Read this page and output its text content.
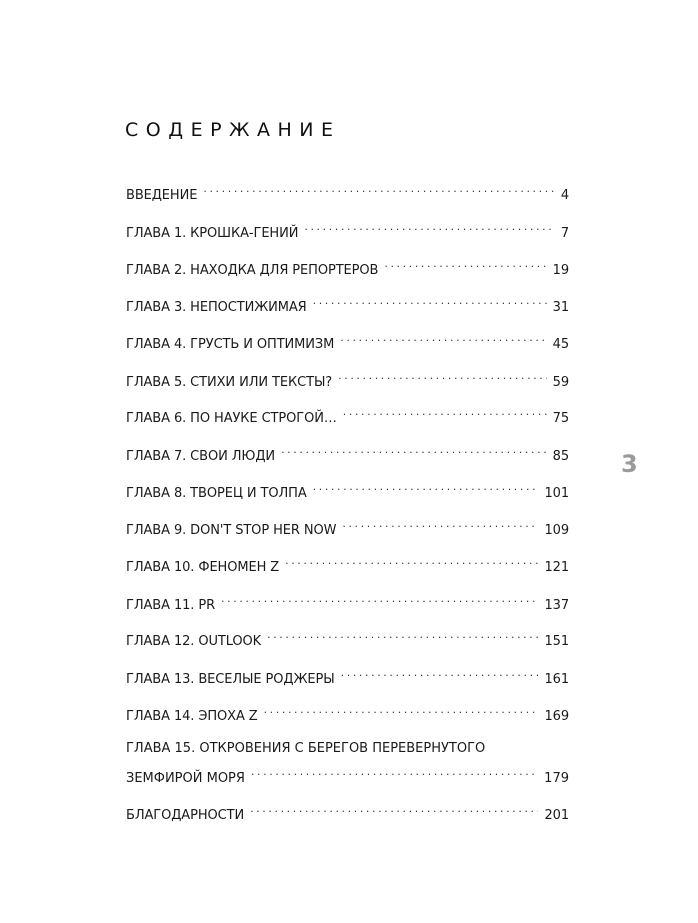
СОДЕРЖАНИЕ
ВВЕДЕНИЕ .....	4
ГЛАВА 1. КРОШКА-ГЕНИЙ .....	7
ГЛАВА 2. НАХОДКА ДЛЯ РЕПОРТЕРОВ .....	19
ГЛАВА 3. НЕПОСТИЖИМАЯ .....	31
ГЛАВА 4. ГРУСТЬ И ОПТИМИЗМ .....	45
ГЛАВА 5. СТИХИ ИЛИ ТЕКСТЫ? .....	59
ГЛАВА 6. ПО НАУКЕ СТРОГОЙ… .....	75
ГЛАВА 7. СВОИ ЛЮДИ .....	85
ГЛАВА 8. ТВОРЕЦ И ТОЛПА .....	101
ГЛАВА 9. DON'T STOP HER NOW .....	109
ГЛАВА 10. ФЕНОМЕН Z .....	121
ГЛАВА 11. PR .....	137
ГЛАВА 12. OUTLOOK .....	151
ГЛАВА 13. ВЕСЕЛЫЕ РОДЖЕРЫ .....	161
ГЛАВА 14. ЭПОХА Z .....	169
ГЛАВА 15. ОТКРОВЕНИЯ С БЕРЕГОВ ПЕРЕВЕРНУТОГО
ЗЕМФИРОЙ МОРЯ .....	179
БЛАГОДАРНОСТИ .....	201
3
